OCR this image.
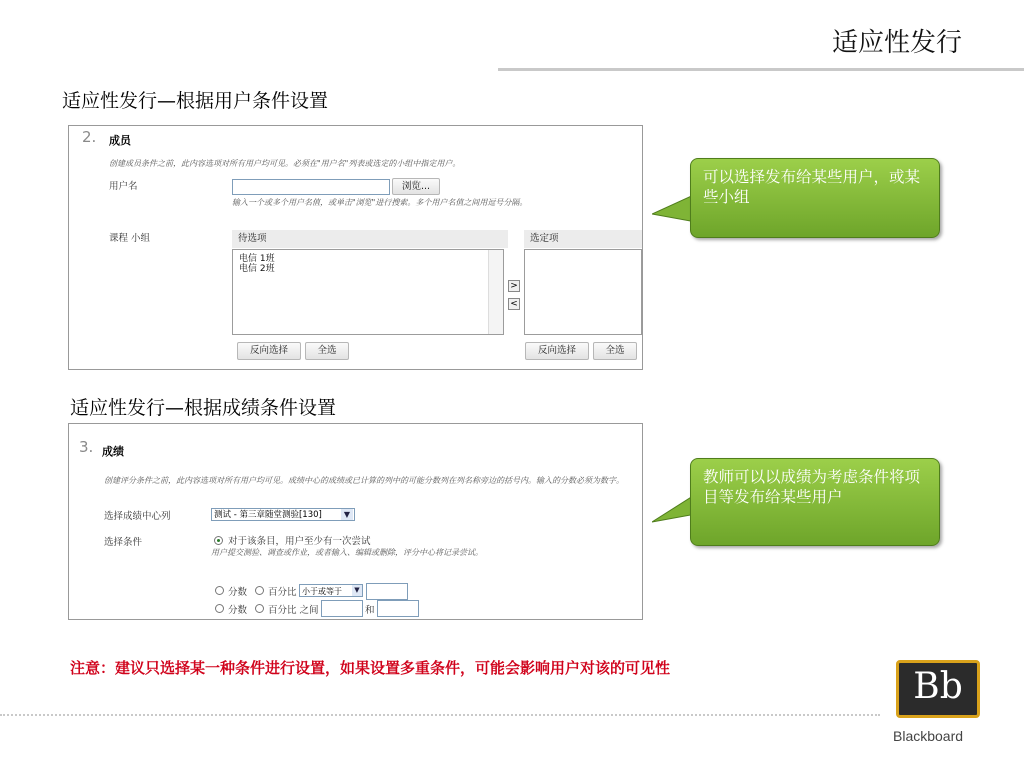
适应性发行
适应性发行—根据用户条件设置
2. 成员
创建成员条件之前，此内容选项对所有用户均可见。必须在"用户名"列表或选定的小组中指定用户。
用户名	浏览...
输入一个或多个用户名值，或单击"浏览"进行搜索。多个用户名值之间用逗号分隔。
课程 小组	待选项
电信 1班
电信 2班
>
<
选定项
反向选择	全选	反向选择	全选
可以选择发布给某些用户，或某些小组
适应性发行—根据成绩条件设置
3. 成绩
创建评分条件之前，此内容选项对所有用户均可见。成绩中心的成绩或已计算的列中的可能分数列在列名称旁边的括号内。输入的分数必须为数字。
选择成绩中心列	测试 - 第三章随堂测验[130]	▼
选择条件	对于该条目，用户至少有一次尝试
用户提交测验、调查或作业，或者输入、编辑或删除，评分中心将记录尝试。
分数 百分比 小于或等于	▼
分数 百分比 之间	和
教师可以以成绩为考虑条件将项目等发布给某些用户
注意：建议只选择某一种条件进行设置，如果设置多重条件，可能会影响用户对该的可见性	Bb
Blackboard
